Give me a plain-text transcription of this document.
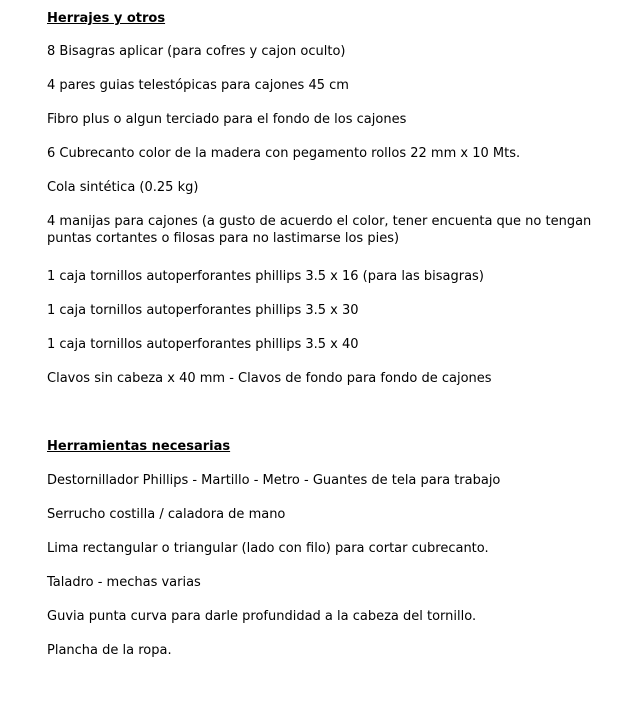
Herrajes y otros
8 Bisagras aplicar (para cofres y cajon oculto)
4 pares guias telestópicas para cajones 45 cm
Fibro plus o algun terciado para el fondo de los cajones
6 Cubrecanto color de la madera con pegamento rollos 22 mm x 10 Mts.
Cola sintética (0.25 kg)
4 manijas para cajones (a gusto de acuerdo el color, tener encuenta que no tengan puntas cortantes o filosas para no lastimarse los pies)
1 caja tornillos autoperforantes phillips 3.5 x 16 (para las bisagras)
1 caja tornillos autoperforantes phillips 3.5 x 30
1 caja tornillos autoperforantes phillips 3.5 x 40
Clavos sin cabeza x 40 mm - Clavos de fondo para fondo de cajones
Herramientas necesarias
Destornillador Phillips - Martillo - Metro - Guantes de tela para trabajo
Serrucho costilla / caladora de mano
Lima rectangular o triangular (lado con filo) para cortar cubrecanto.
Taladro - mechas varias
Guvia punta curva para darle profundidad a la cabeza del tornillo.
Plancha de la ropa.
